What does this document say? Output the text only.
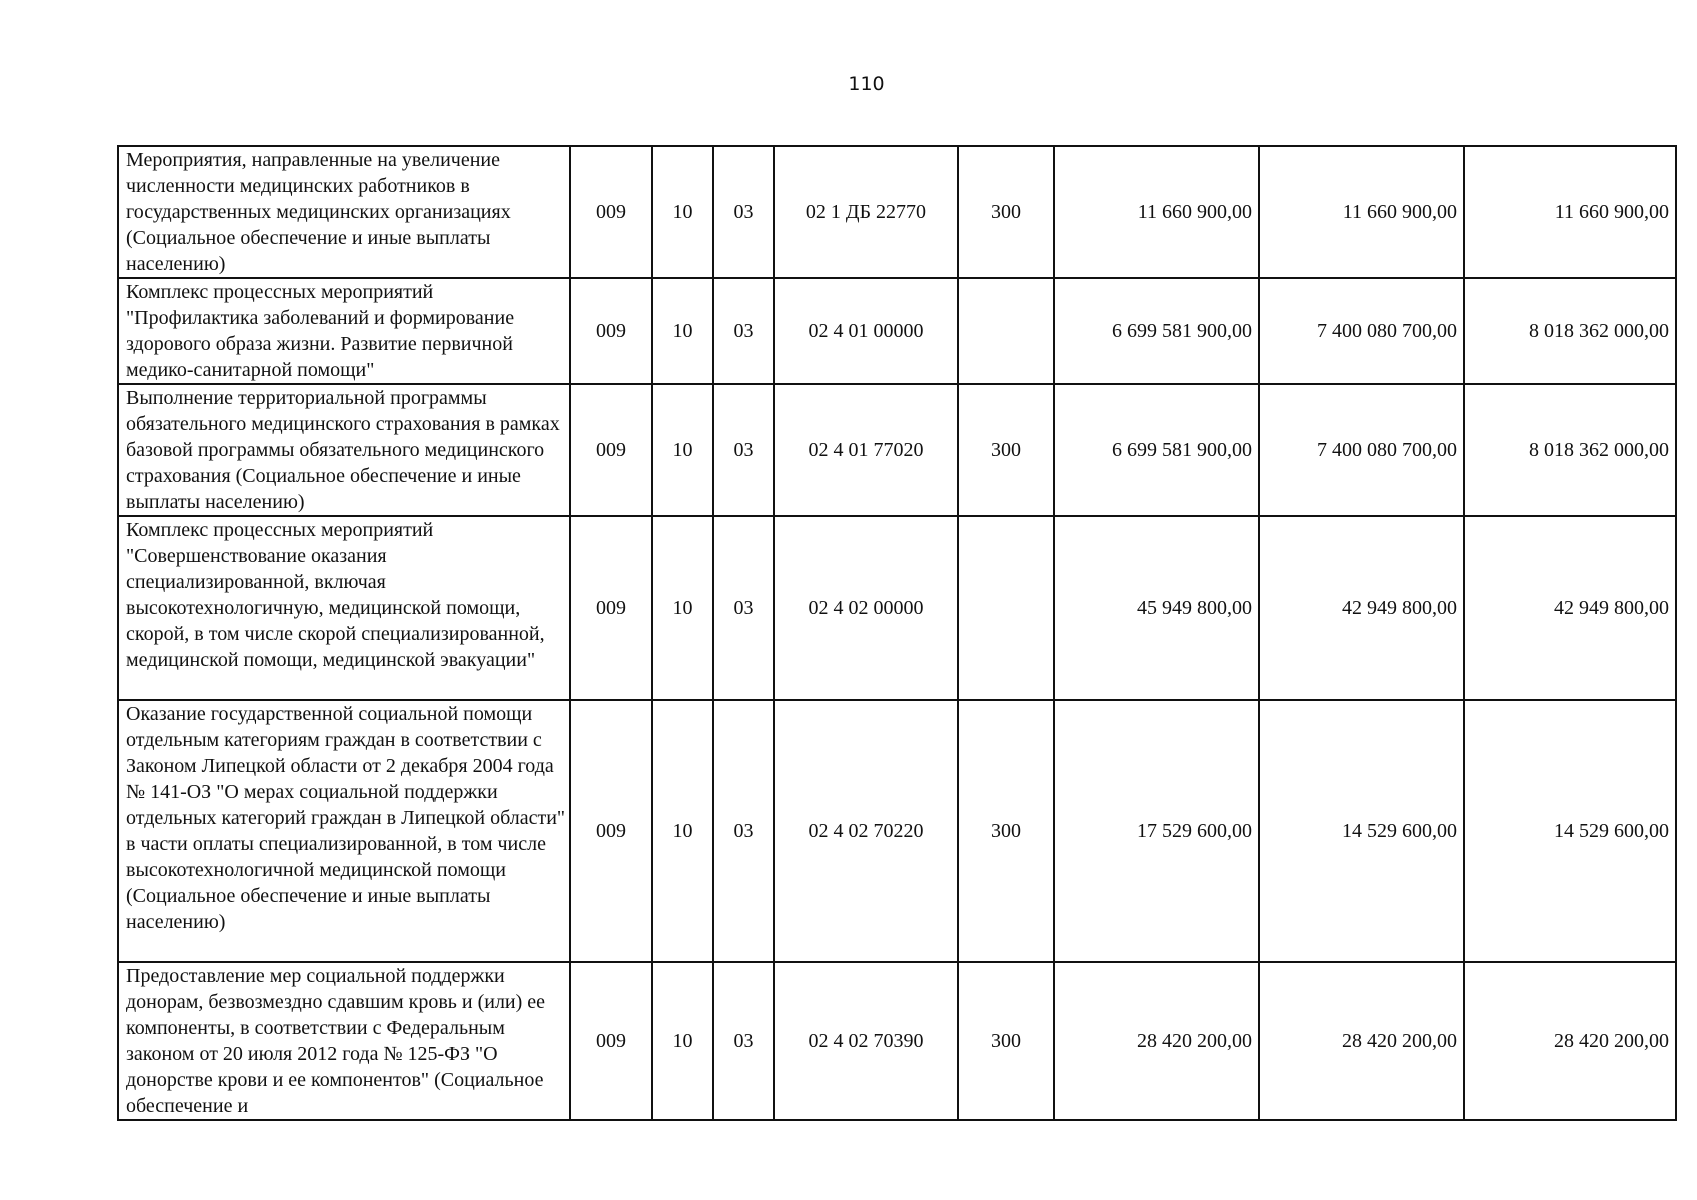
110
Мероприятия, направленные на увеличение численности медицинских работников в государственных медицинских организациях (Социальное обеспечение и иные выплаты населению)	009	10	03	02 1 ДБ 22770	300	11 660 900,00	11 660 900,00	11 660 900,00

Комплекс процессных мероприятий "Профилактика заболеваний и формирование здорового образа жизни. Развитие первичной медико-санитарной помощи"	009	10	03	02 4 01 00000		6 699 581 900,00	7 400 080 700,00	8 018 362 000,00

Выполнение территориальной программы обязательного медицинского страхования в рамках базовой программы обязательного медицинского страхования (Социальное обеспечение и иные выплаты населению)	009	10	03	02 4 01 77020	300	6 699 581 900,00	7 400 080 700,00	8 018 362 000,00

Комплекс процессных мероприятий "Совершенствование оказания специализированной, включая высокотехнологичную, медицинской помощи, скорой, в том числе скорой специализированной, медицинской помощи, медицинской эвакуации"	009	10	03	02 4 02 00000		45 949 800,00	42 949 800,00	42 949 800,00

Оказание государственной социальной помощи отдельным категориям граждан в соответствии с Законом Липецкой области от 2 декабря 2004 года № 141-ОЗ "О мерах социальной поддержки отдельных категорий граждан в Липецкой области" в части оплаты специализированной, в том числе высокотехнологичной медицинской помощи (Социальное обеспечение и иные выплаты населению)	009	10	03	02 4 02 70220	300	17 529 600,00	14 529 600,00	14 529 600,00

Предоставление мер социальной поддержки донорам, безвозмездно сдавшим кровь и (или) ее компоненты, в соответствии с Федеральным законом от 20 июля 2012 года № 125-ФЗ "О донорстве крови и ее компонентов" (Социальное обеспечение и	009	10	03	02 4 02 70390	300	28 420 200,00	28 420 200,00	28 420 200,00
